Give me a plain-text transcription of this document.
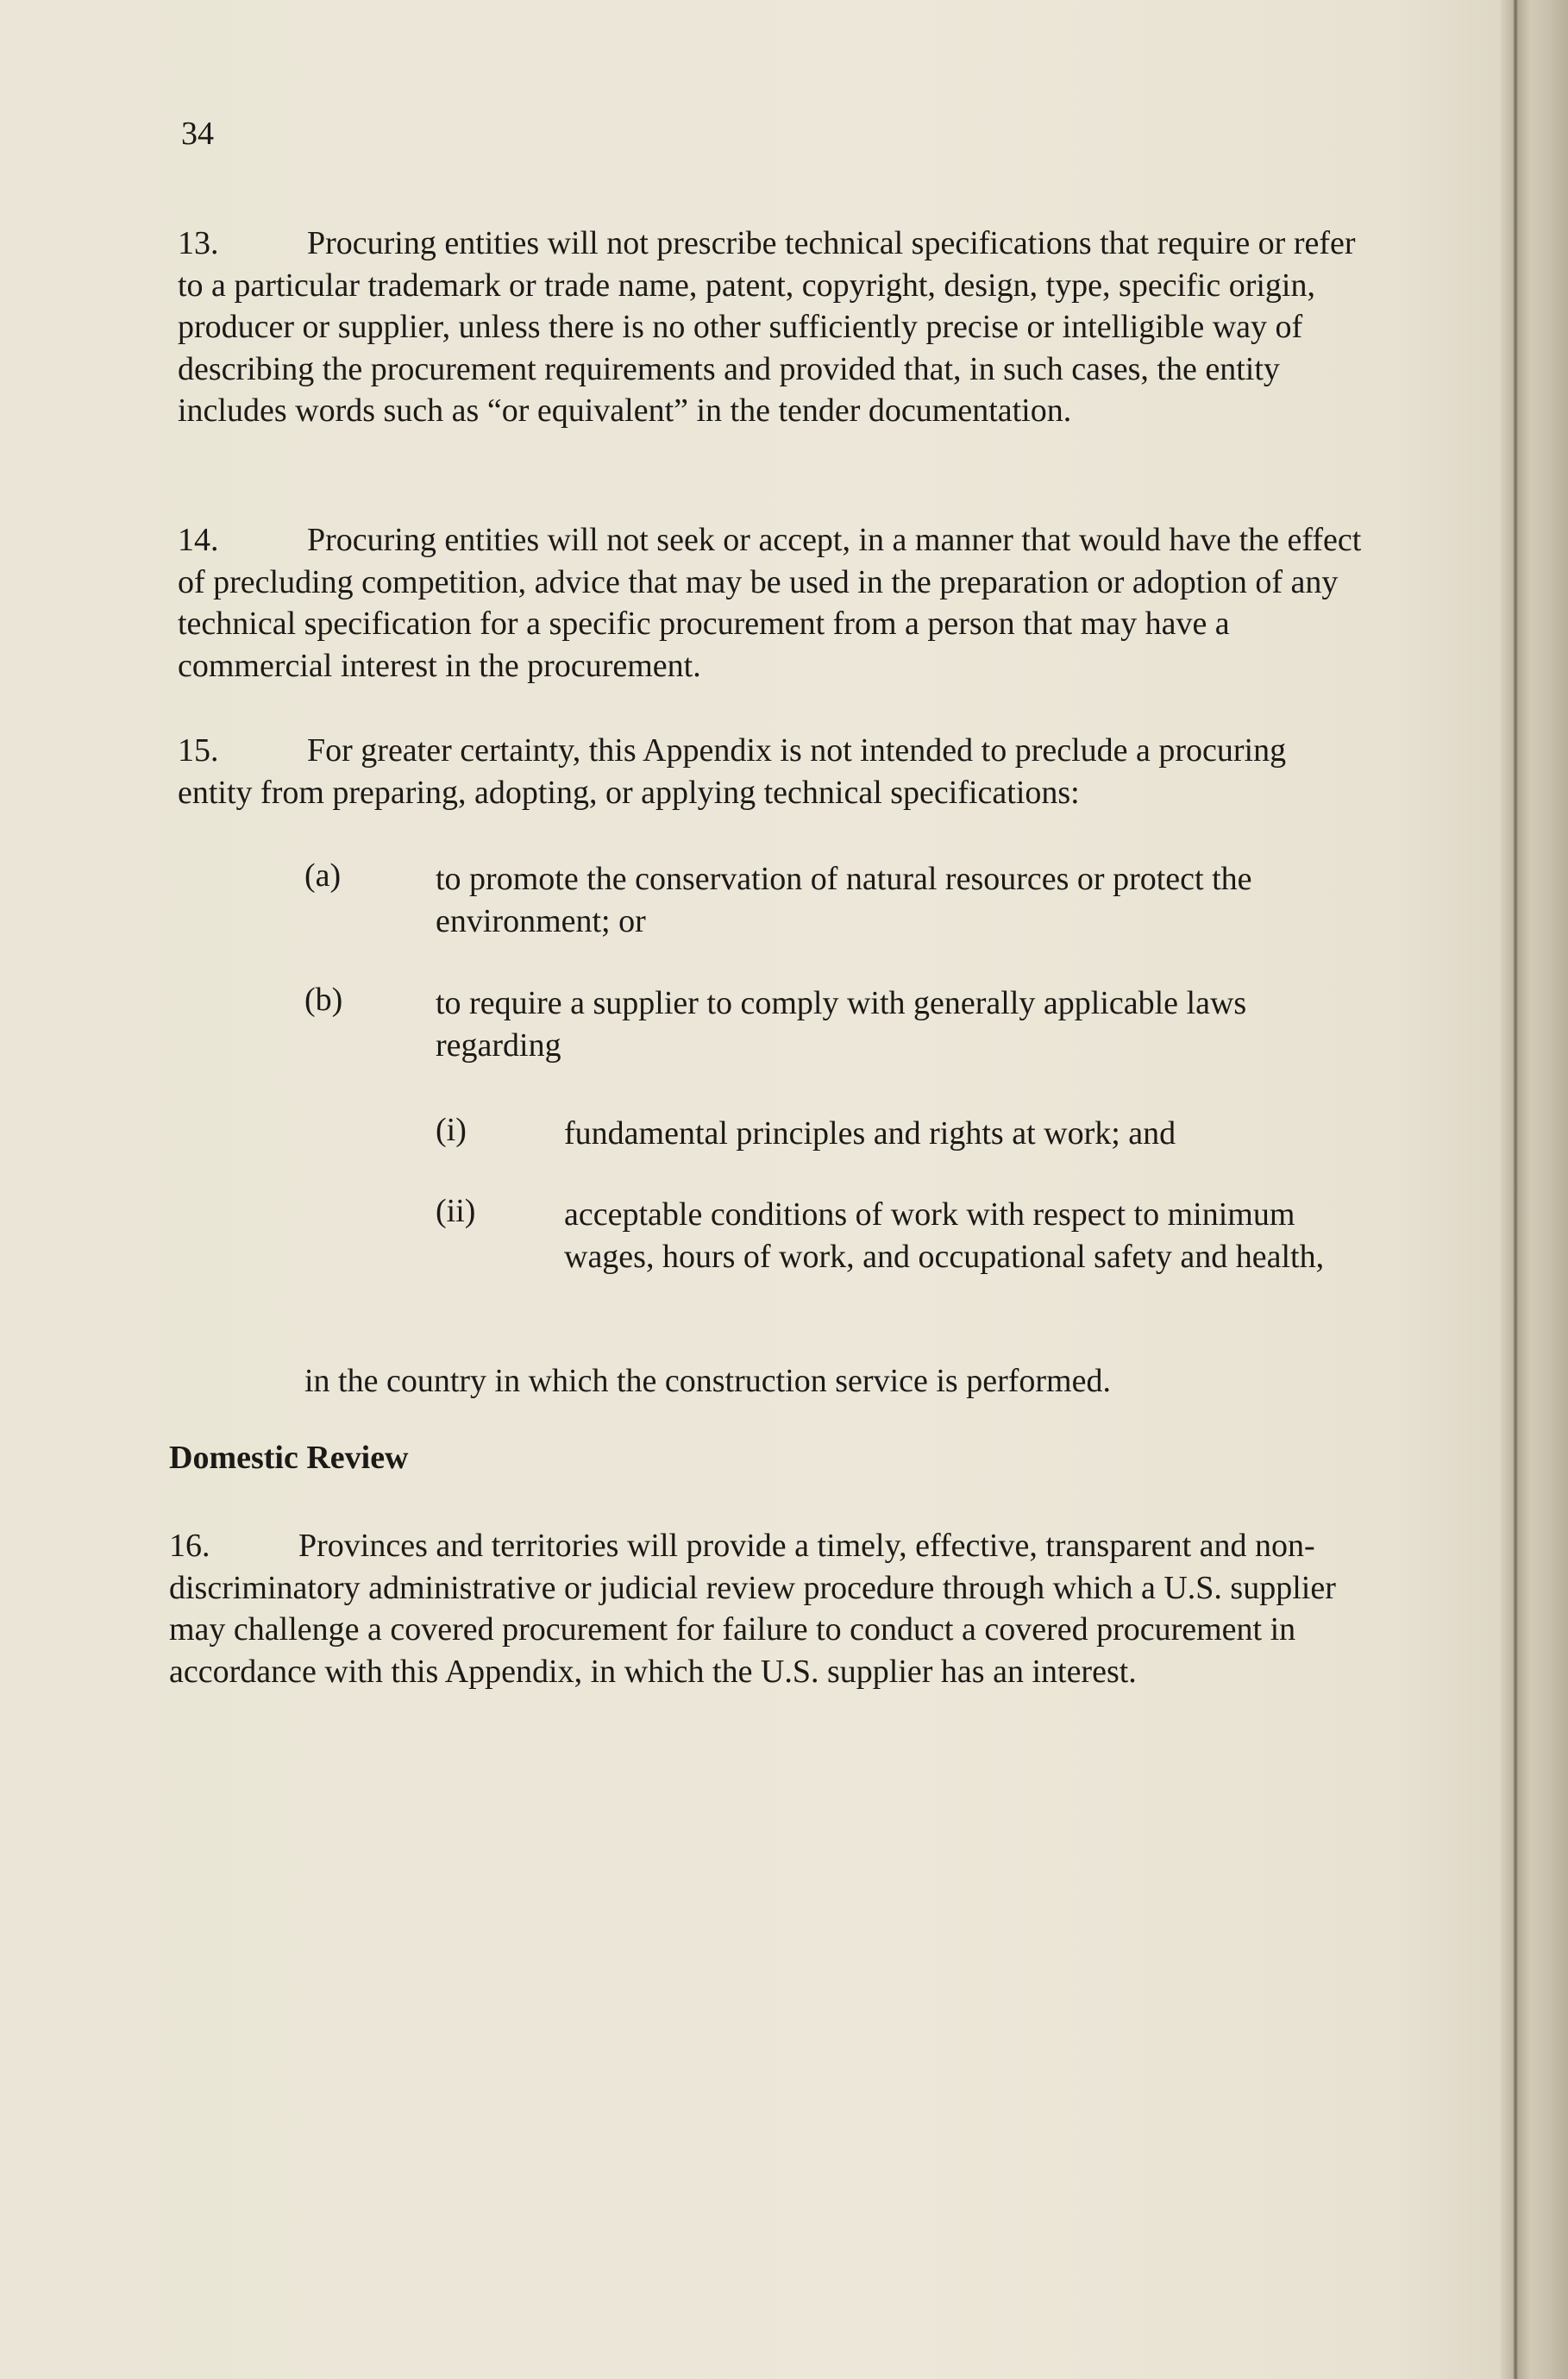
34

13.	Procuring entities will not prescribe technical specifications that require or refer to a particular trademark or trade name, patent, copyright, design, type, specific origin, producer or supplier, unless there is no other sufficiently precise or intelligible way of describing the procurement requirements and provided that, in such cases, the entity includes words such as “or equivalent” in the tender documentation.

14.	Procuring entities will not seek or accept, in a manner that would have the effect of precluding competition, advice that may be used in the preparation or adoption of any technical specification for a specific procurement from a person that may have a commercial interest in the procurement.

15.	For greater certainty, this Appendix is not intended to preclude a procuring entity from preparing, adopting, or applying technical specifications:

(a)	to promote the conservation of natural resources or protect the environment; or

(b)	to require a supplier to comply with generally applicable laws regarding

(i)	fundamental principles and rights at work; and

(ii)	acceptable conditions of work with respect to minimum wages, hours of work, and occupational safety and health,

in the country in which the construction service is performed.

Domestic Review

16.	Provinces and territories will provide a timely, effective, transparent and non-discriminatory administrative or judicial review procedure through which a U.S. supplier may challenge a covered procurement for failure to conduct a covered procurement in accordance with this Appendix, in which the U.S. supplier has an interest.
